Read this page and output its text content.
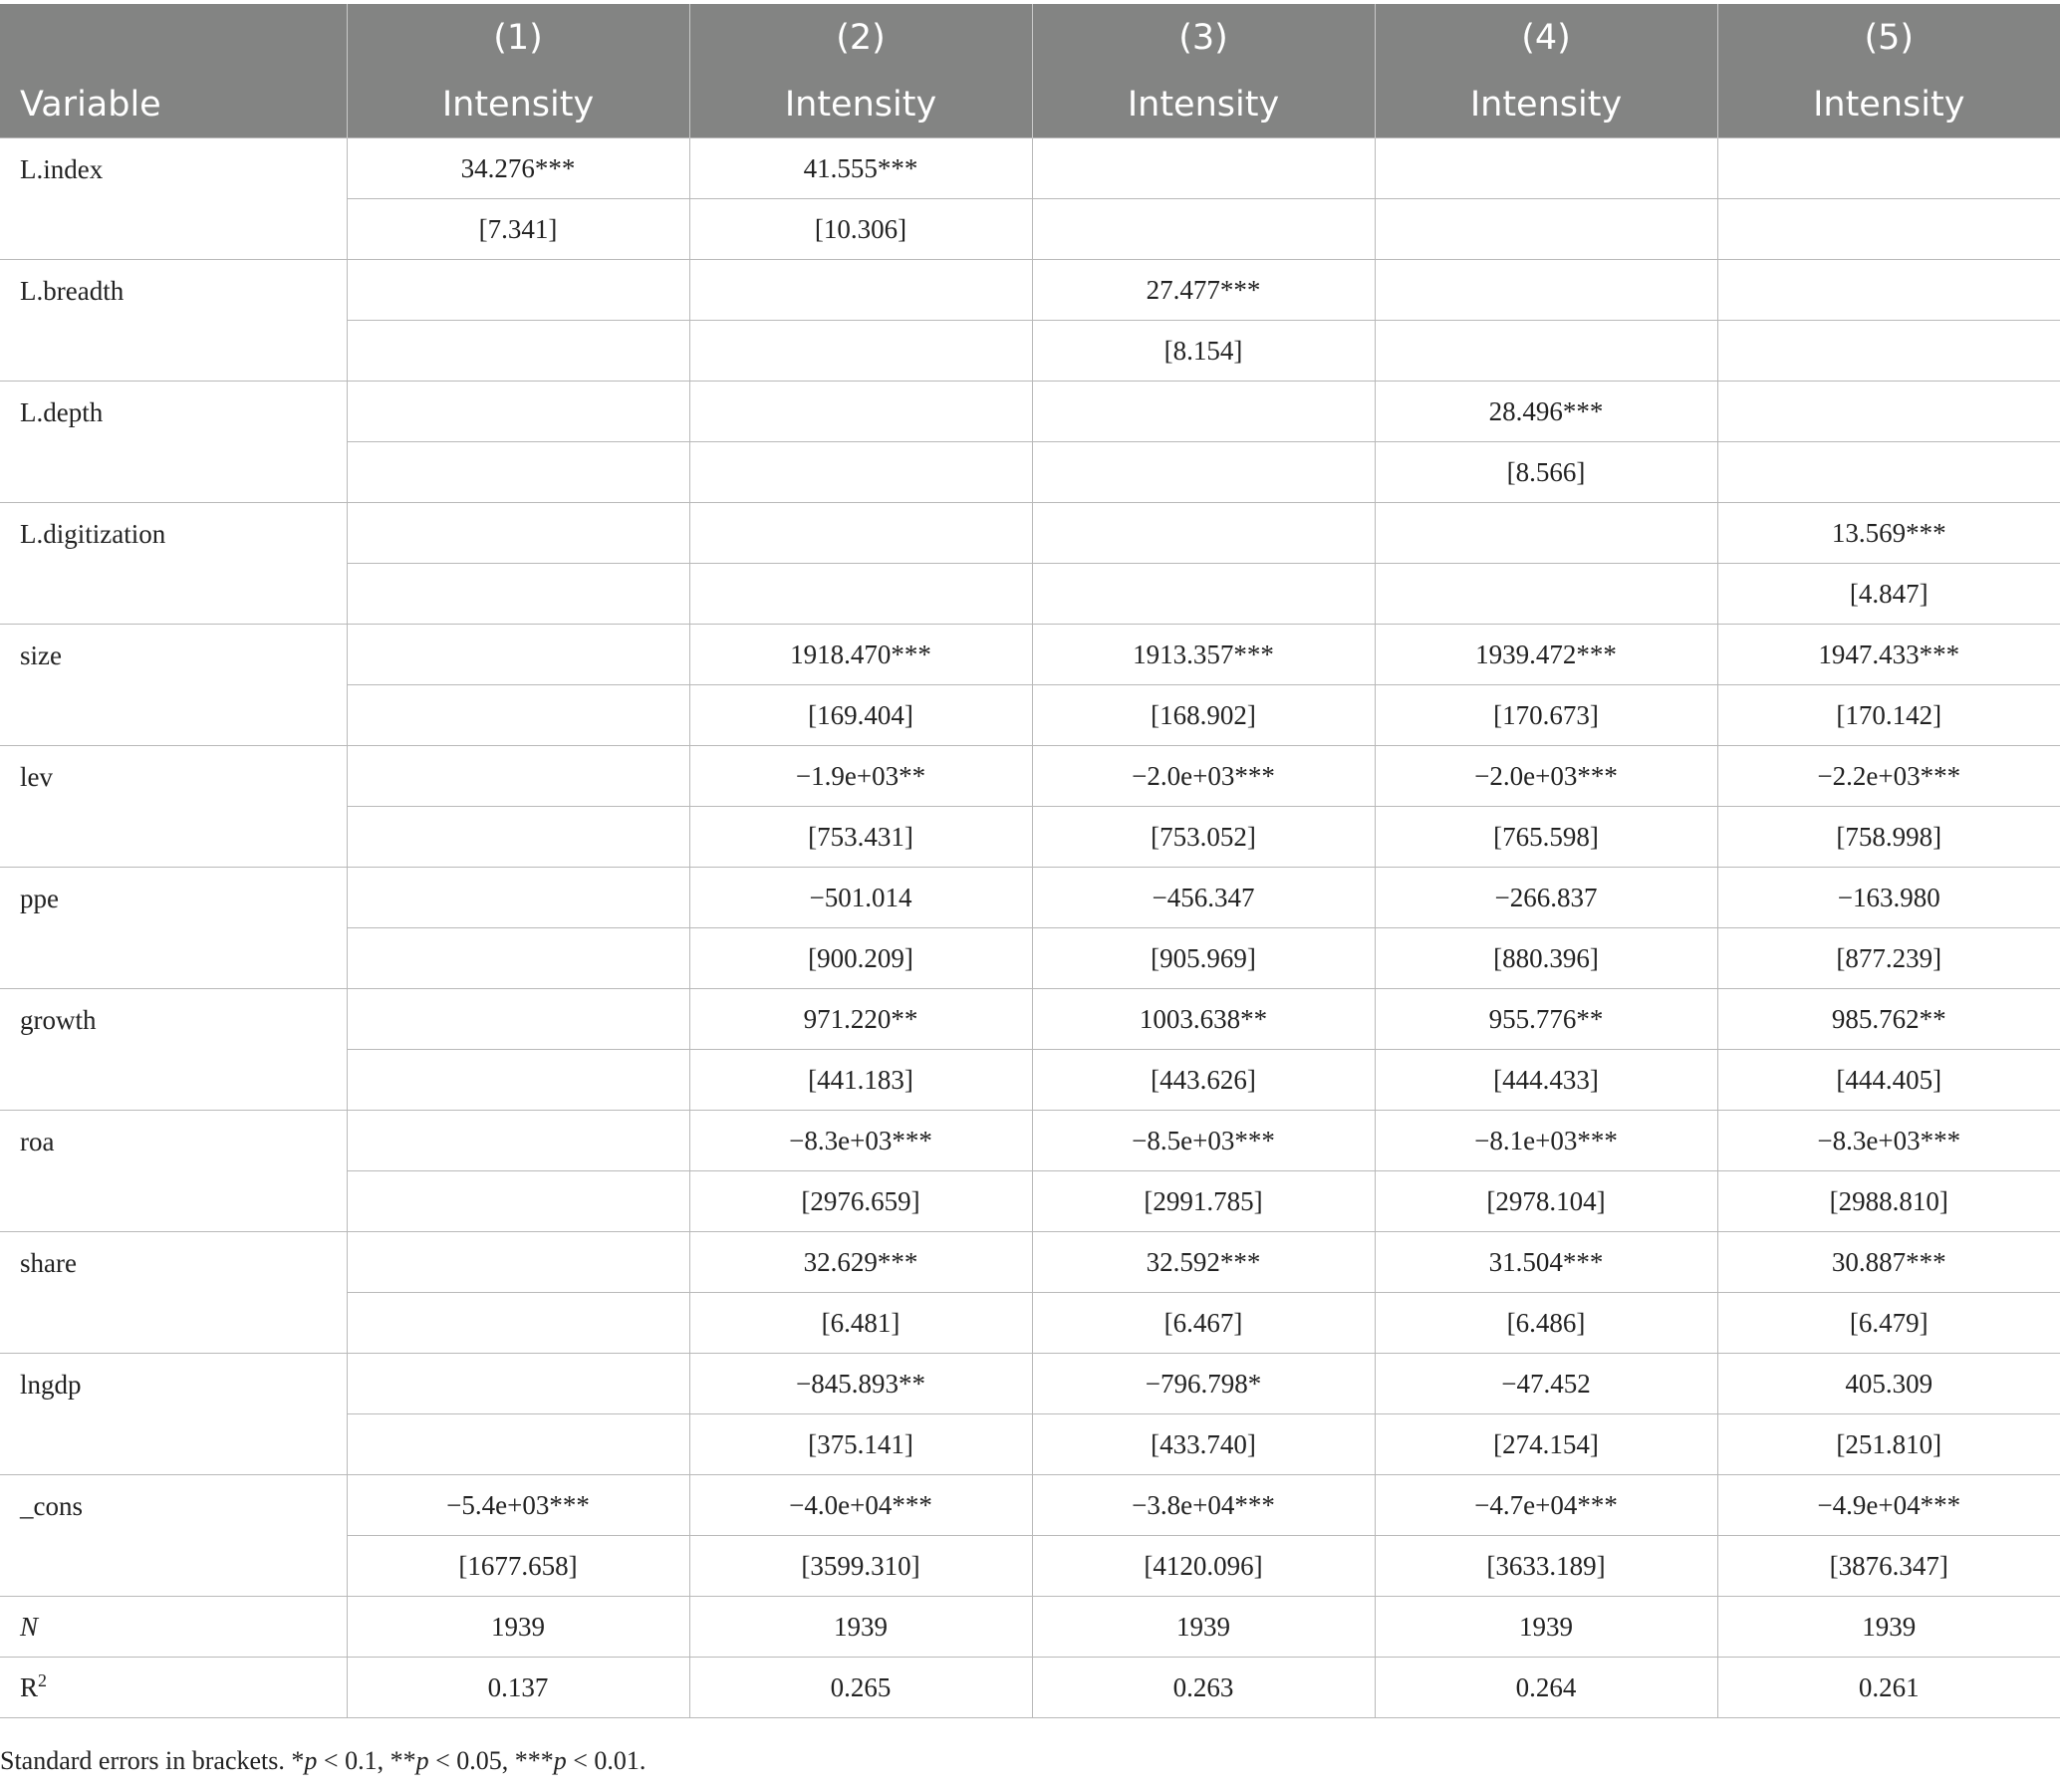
	(1)	(2)	(3)	(4)	(5)
Variable	Intensity	Intensity	Intensity	Intensity	Intensity
L.index	34.276***	41.555***			
	[7.341]	[10.306]			
L.breadth			27.477***		
			[8.154]		
L.depth				28.496***	
				[8.566]	
L.digitization					13.569***
					[4.847]
size		1918.470***	1913.357***	1939.472***	1947.433***
		[169.404]	[168.902]	[170.673]	[170.142]
lev		−1.9e+03**	−2.0e+03***	−2.0e+03***	−2.2e+03***
		[753.431]	[753.052]	[765.598]	[758.998]
ppe		−501.014	−456.347	−266.837	−163.980
		[900.209]	[905.969]	[880.396]	[877.239]
growth		971.220**	1003.638**	955.776**	985.762**
		[441.183]	[443.626]	[444.433]	[444.405]
roa		−8.3e+03***	−8.5e+03***	−8.1e+03***	−8.3e+03***
		[2976.659]	[2991.785]	[2978.104]	[2988.810]
share		32.629***	32.592***	31.504***	30.887***
		[6.481]	[6.467]	[6.486]	[6.479]
lngdp		−845.893**	−796.798*	−47.452	405.309
		[375.141]	[433.740]	[274.154]	[251.810]
_cons	−5.4e+03***	−4.0e+04***	−3.8e+04***	−4.7e+04***	−4.9e+04***
	[1677.658]	[3599.310]	[4120.096]	[3633.189]	[3876.347]
N	1939	1939	1939	1939	1939
$R^2$	0.137	0.265	0.263	0.264	0.261
Standard errors in brackets. *p < 0.1, **p < 0.05, ***p < 0.01.
